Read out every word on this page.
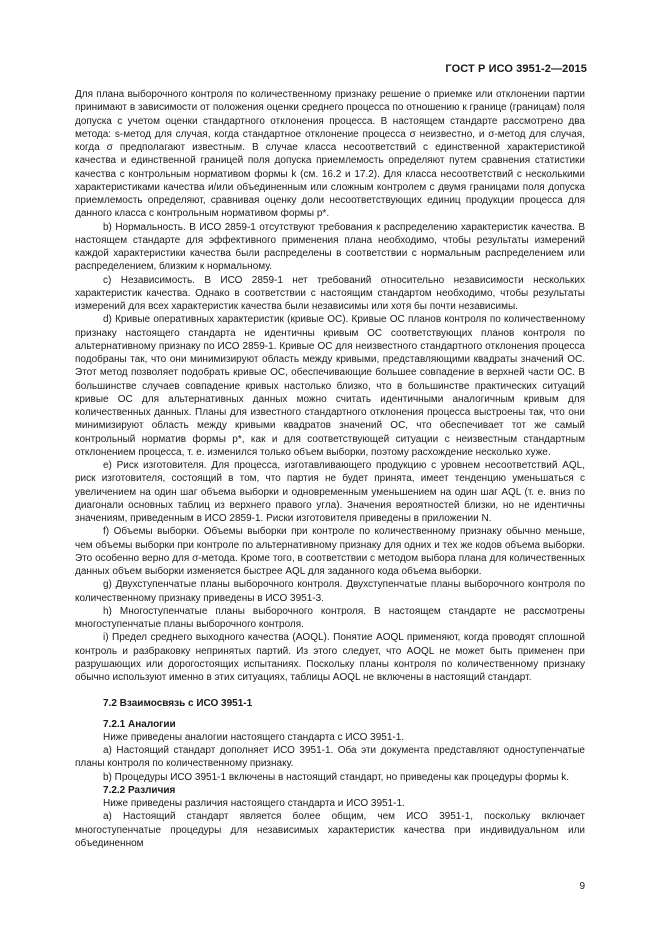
ГОСТ Р ИСО 3951-2—2015

Для плана выборочного контроля по количественному признаку решение о приемке или отклонении партии принимают в зависимости от положения оценки среднего процесса по отношению к границе (границам) поля допуска с учетом оценки стандартного отклонения процесса. В настоящем стандарте рассмотрено два метода: s-метод для случая, когда стандартное отклонение процесса σ неизвестно, и σ-метод для случая, когда σ предполагают известным. В случае класса несоответствий с единственной характеристикой качества и единственной границей поля допуска приемлемость определяют путем сравнения статистики качества с контрольным нормативом формы k (см. 16.2 и 17.2). Для класса несоответствий с несколькими характеристиками качества и/или объединенным или сложным контролем с двумя границами поля допуска приемлемость определяют, сравнивая оценку доли несоответствующих единиц продукции процесса для данного класса с контрольным нормативом формы p*.

b) Нормальность. В ИСО 2859-1 отсутствуют требования к распределению характеристик качества. В настоящем стандарте для эффективного применения плана необходимо, чтобы результаты измерений каждой характеристики качества были распределены в соответствии с нормальным распределением или распределением, близким к нормальному.

c) Независимость. В ИСО 2859-1 нет требований относительно независимости нескольких характеристик качества. Однако в соответствии с настоящим стандартом необходимо, чтобы результаты измерений для всех характеристик качества были независимы или хотя бы почти независимы.

d) Кривые оперативных характеристик (кривые ОС). Кривые ОС планов контроля по количественному признаку настоящего стандарта не идентичны кривым ОС соответствующих планов контроля по альтернативному признаку по ИСО 2859-1. Кривые ОС для неизвестного стандартного отклонения процесса подобраны так, что они минимизируют область между кривыми, представляющими квадраты значений ОС. Этот метод позволяет подобрать кривые ОС, обеспечивающие большее совпадение в верхней части ОС. В большинстве случаев совпадение кривых настолько близко, что в большинстве практических ситуаций кривые ОС для альтернативных данных можно считать идентичными аналогичным кривым для количественных данных. Планы для известного стандартного отклонения процесса выстроены так, что они минимизируют область между кривыми квадратов значений ОС, что обеспечивает тот же самый контрольный норматив формы p*, как и для соответствующей ситуации с неизвестным стандартным отклонением процесса, т. е. изменился только объем выборки, поэтому расхождение несколько хуже.

e) Риск изготовителя. Для процесса, изготавливающего продукцию с уровнем несоответствий AQL, риск изготовителя, состоящий в том, что партия не будет принята, имеет тенденцию уменьшаться с увеличением на один шаг объема выборки и одновременным уменьшением на один шаг AQL (т. е. вниз по диагонали основных таблиц из верхнего правого угла). Значения вероятностей близки, но не идентичны значениям, приведенным в ИСО 2859-1. Риски изготовителя приведены в приложении N.

f) Объемы выборки. Объемы выборки при контроле по количественному признаку обычно меньше, чем объемы выборки при контроле по альтернативному признаку для одних и тех же кодов объема выборки. Это особенно верно для σ-метода. Кроме того, в соответствии с методом выбора плана для количественных данных объем выборки изменяется быстрее AQL для заданного кода объема выборки.

g) Двухступенчатые планы выборочного контроля. Двухступенчатые планы выборочного контроля по количественному признаку приведены в ИСО 3951-3.

h) Многоступенчатые планы выборочного контроля. В настоящем стандарте не рассмотрены многоступенчатые планы выборочного контроля.

i) Предел среднего выходного качества (AOQL). Понятие AOQL применяют, когда проводят сплошной контроль и разбраковку непринятых партий. Из этого следует, что AOQL не может быть применен при разрушающих или дорогостоящих испытаниях. Поскольку планы контроля по количественному признаку обычно используют именно в этих ситуациях, таблицы AOQL не включены в настоящий стандарт.

7.2 Взаимосвязь с ИСО 3951-1

7.2.1 Аналогии

Ниже приведены аналогии настоящего стандарта с ИСО 3951-1.

a) Настоящий стандарт дополняет ИСО 3951-1. Оба эти документа представляют одноступенчатые планы контроля по количественному признаку.

b) Процедуры ИСО 3951-1 включены в настоящий стандарт, но приведены как процедуры формы k.

7.2.2 Различия

Ниже приведены различия настоящего стандарта и ИСО 3951-1.

a) Настоящий стандарт является более общим, чем ИСО 3951-1, поскольку включает многоступенчатые процедуры для независимых характеристик качества при индивидуальном или объединенном

9
